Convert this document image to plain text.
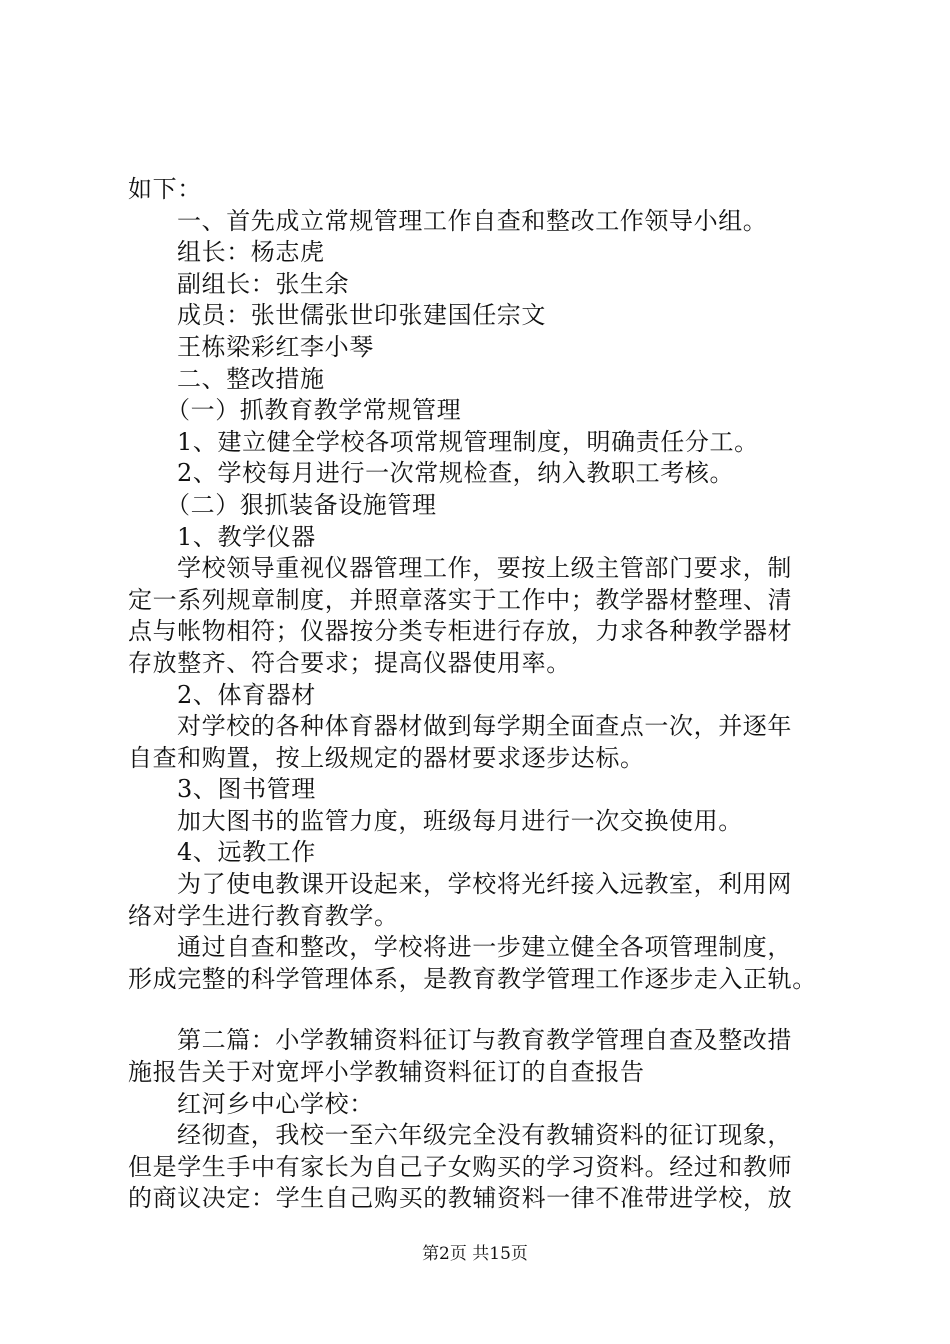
如下：
一、首先成立常规管理工作自查和整改工作领导小组。
组长：杨志虎
副组长：张生余
成员：张世儒张世印张建国任宗文
王栋梁彩红李小琴
二、整改措施
（一）抓教育教学常规管理
1、建立健全学校各项常规管理制度，明确责任分工。
2、学校每月进行一次常规检查，纳入教职工考核。
（二）狠抓装备设施管理
1、教学仪器
学校领导重视仪器管理工作，要按上级主管部门要求，制
定一系列规章制度，并照章落实于工作中；教学器材整理、清
点与帐物相符；仪器按分类专柜进行存放，力求各种教学器材
存放整齐、符合要求；提高仪器使用率。
2、体育器材
对学校的各种体育器材做到每学期全面查点一次，并逐年
自查和购置，按上级规定的器材要求逐步达标。
3、图书管理
加大图书的监管力度，班级每月进行一次交换使用。
4、远教工作
为了使电教课开设起来，学校将光纤接入远教室，利用网
络对学生进行教育教学。
通过自查和整改，学校将进一步建立健全各项管理制度，
形成完整的科学管理体系，是教育教学管理工作逐步走入正轨。
第二篇：小学教辅资料征订与教育教学管理自查及整改措
施报告关于对宽坪小学教辅资料征订的自查报告
红河乡中心学校：
经彻查，我校一至六年级完全没有教辅资料的征订现象，
但是学生手中有家长为自己子女购买的学习资料。经过和教师
的商议决定：学生自己购买的教辅资料一律不准带进学校，放
第2页 共15页
